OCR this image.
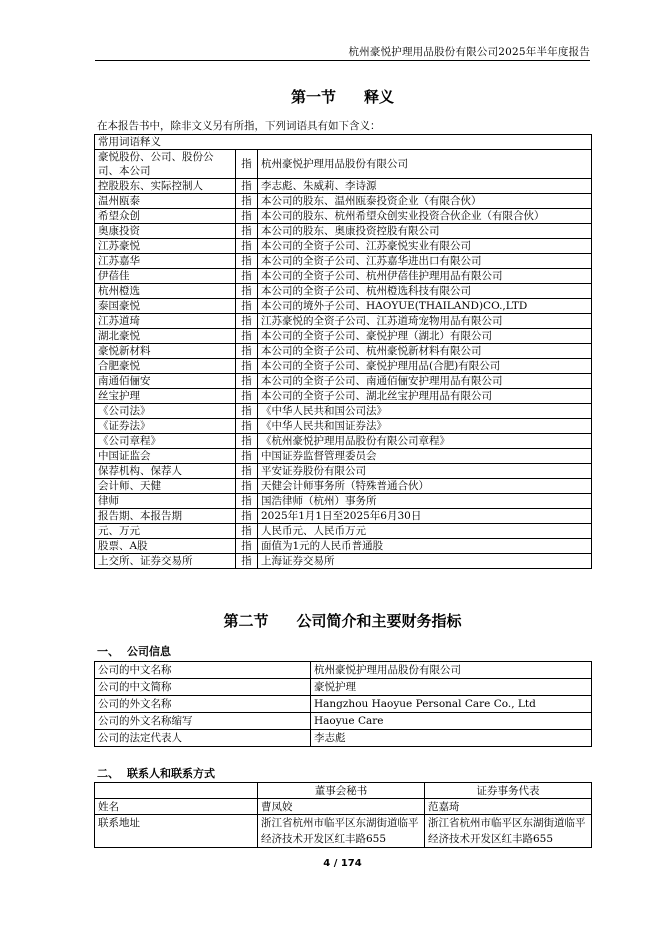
杭州豪悦护理用品股份有限公司2025年半年度报告
第一节 释义
在本报告书中，除非文义另有所指，下列词语具有如下含义：
常用词语释义		
豪悦股份、公司、股份公司、本公司	指	杭州豪悦护理用品股份有限公司
控股股东、实际控制人	指	李志彪、朱威莉、李诗源
温州瓯泰	指	本公司的股东、温州瓯泰投资企业（有限合伙）
希望众创	指	本公司的股东、杭州希望众创实业投资合伙企业（有限合伙）
奥康投资	指	本公司的股东、奥康投资控股有限公司
江苏豪悦	指	本公司的全资子公司、江苏豪悦实业有限公司
江苏嘉华	指	本公司的全资子公司、江苏嘉华进出口有限公司
伊蓓佳	指	本公司的全资子公司、杭州伊蓓佳护理用品有限公司
杭州橙选	指	本公司的全资子公司、杭州橙选科技有限公司
泰国豪悦	指	本公司的境外子公司、HAOYUE(THAILAND)CO.,LTD
江苏道琦	指	江苏豪悦的全资子公司、江苏道琦宠物用品有限公司
湖北豪悦	指	本公司的全资子公司、豪悦护理（湖北）有限公司
豪悦新材料	指	本公司的全资子公司、杭州豪悦新材料有限公司
合肥豪悦	指	本公司的全资子公司、豪悦护理用品(合肥)有限公司
南通佰俪安	指	本公司的全资子公司、南通佰俪安护理用品有限公司
丝宝护理	指	本公司的全资子公司、湖北丝宝护理用品有限公司
《公司法》	指	《中华人民共和国公司法》
《证券法》	指	《中华人民共和国证券法》
《公司章程》	指	《杭州豪悦护理用品股份有限公司章程》
中国证监会	指	中国证券监督管理委员会
保荐机构、保荐人	指	平安证券股份有限公司
会计师、天健	指	天健会计师事务所（特殊普通合伙）
律师	指	国浩律师（杭州）事务所
报告期、本报告期	指	2025年1月1日至2025年6月30日
元、万元	指	人民币元、人民币万元
股票、A股	指	面值为1元的人民币普通股
上交所、证券交易所	指	上海证券交易所
第二节 公司简介和主要财务指标
一、 公司信息
公司的中文名称	杭州豪悦护理用品股份有限公司
公司的中文简称	豪悦护理
公司的外文名称	Hangzhou Haoyue Personal Care Co., Ltd
公司的外文名称缩写	Haoyue Care
公司的法定代表人	李志彪
二、 联系人和联系方式
	董事会秘书	证券事务代表
姓名	曹凤姣	范嘉琦
联系地址	浙江省杭州市临平区东湖街道临平经济技术开发区红丰路655	浙江省杭州市临平区东湖街道临平经济技术开发区红丰路655
4 / 174
